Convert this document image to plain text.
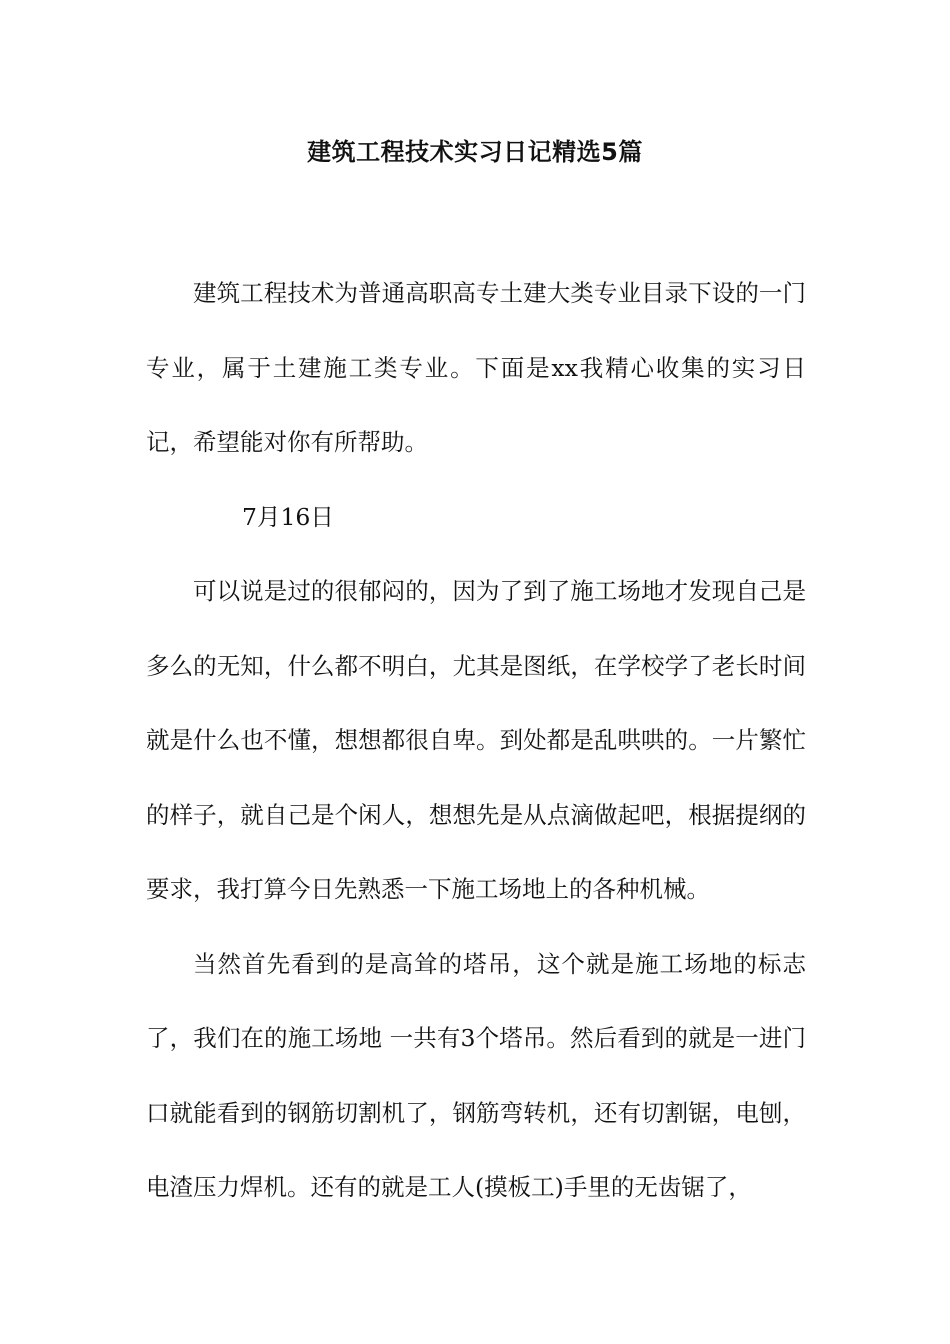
建筑工程技术实习日记精选5篇

建筑工程技术为普通高职高专土建大类专业目录下设的一门专业，属于土建施工类专业。下面是xx我精心收集的实习日记，希望能对你有所帮助。

7月16日

可以说是过的很郁闷的，因为了到了施工场地才发现自己是多么的无知，什么都不明白，尤其是图纸，在学校学了老长时间就是什么也不懂，想想都很自卑。到处都是乱哄哄的。一片繁忙的样子，就自己是个闲人，想想先是从点滴做起吧，根据提纲的要求，我打算今日先熟悉一下施工场地上的各种机械。

当然首先看到的是高耸的塔吊，这个就是施工场地的标志了，我们在的施工场地 一共有3个塔吊。然后看到的就是一进门口就能看到的钢筋切割机了，钢筋弯转机，还有切割锯，电刨，电渣压力焊机。还有的就是工人(摸板工)手里的无齿锯了，
